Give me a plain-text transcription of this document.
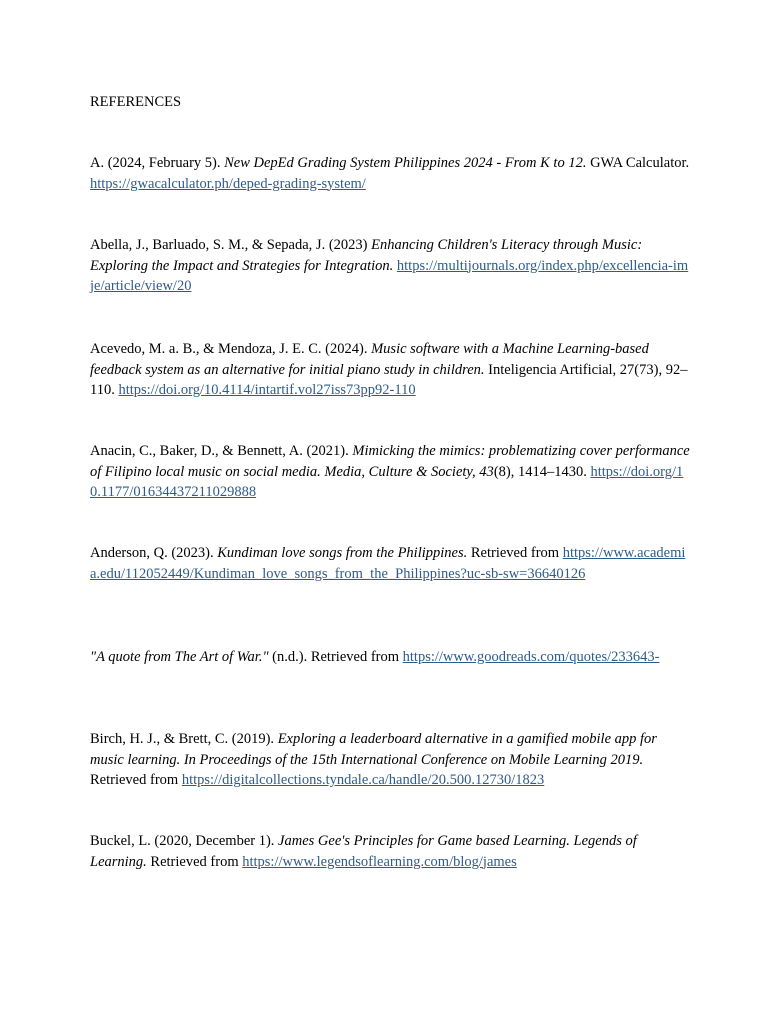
REFERENCES

A. (2024, February 5). New DepEd Grading System Philippines 2024 - From K to 12. GWA Calculator. https://gwacalculator.ph/deped-grading-system/

Abella, J., Barluado, S. M., & Sepada, J. (2023) Enhancing Children's Literacy through Music: Exploring the Impact and Strategies for Integration. https://multijournals.org/index.php/excellencia-imje/article/view/20

Acevedo, M. a. B., & Mendoza, J. E. C. (2024). Music software with a Machine Learning-based feedback system as an alternative for initial piano study in children. Inteligencia Artificial, 27(73), 92–110. https://doi.org/10.4114/intartif.vol27iss73pp92-110

Anacin, C., Baker, D., & Bennett, A. (2021). Mimicking the mimics: problematizing cover performance of Filipino local music on social media. Media, Culture & Society, 43(8), 1414–1430. https://doi.org/10.1177/01634437211029888

Anderson, Q. (2023). Kundiman love songs from the Philippines. Retrieved from https://www.academia.edu/112052449/Kundiman_love_songs_from_the_Philippines?uc-sb-sw=36640126

"A quote from The Art of War." (n.d.). Retrieved from https://www.goodreads.com/quotes/233643-

Birch, H. J., & Brett, C. (2019). Exploring a leaderboard alternative in a gamified mobile app for music learning. In Proceedings of the 15th International Conference on Mobile Learning 2019. Retrieved from https://digitalcollections.tyndale.ca/handle/20.500.12730/1823

Buckel, L. (2020, December 1). James Gee's Principles for Game based Learning. Legends of Learning. Retrieved from https://www.legendsoflearning.com/blog/james
